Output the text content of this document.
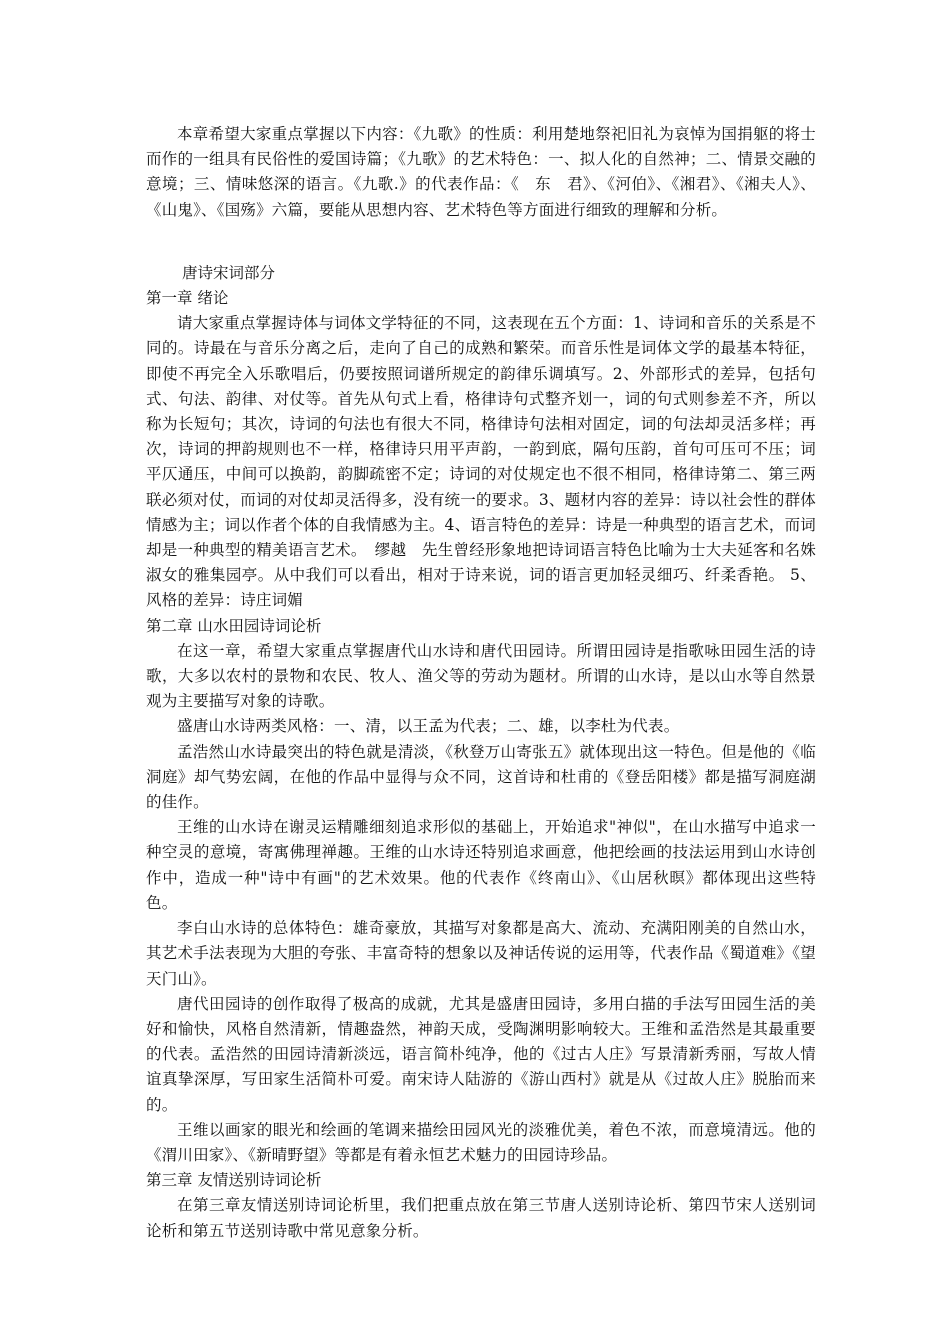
本章希望大家重点掌握以下内容：《九歌》的性质：利用楚地祭祀旧礼为哀悼为国捐躯的将士而作的一组具有民俗性的爱国诗篇；《九歌》的艺术特色：一、拟人化的自然神；二、情景交融的意境；三、情味悠深的语言。《九歌.》的代表作品：《　东　君》、《河伯》、《湘君》、《湘夫人》、《山鬼》、《国殇》六篇，要能从思想内容、艺术特色等方面进行细致的理解和分析。

唐诗宋词部分

第一章 绪论

请大家重点掌握诗体与词体文学特征的不同，这表现在五个方面：1、诗词和音乐的关系是不同的。诗最在与音乐分离之后，走向了自己的成熟和繁荣。而音乐性是词体文学的最基本特征，即使不再完全入乐歌唱后，仍要按照词谱所规定的韵律乐调填写。2、外部形式的差异，包括句式、句法、韵律、对仗等。首先从句式上看，格律诗句式整齐划一，词的句式则参差不齐，所以称为长短句；其次，诗词的句法也有很大不同，格律诗句法相对固定，词的句法却灵活多样；再次，诗词的押韵规则也不一样，格律诗只用平声韵，一韵到底，隔句压韵，首句可压可不压；词平仄通压，中间可以换韵，韵脚疏密不定；诗词的对仗规定也不很不相同，格律诗第二、第三两联必须对仗，而词的对仗却灵活得多，没有统一的要求。3、题材内容的差异：诗以社会性的群体情感为主；词以作者个体的自我情感为主。4、语言特色的差异：诗是一种典型的语言艺术，而词却是一种典型的精美语言艺术。　缪越　先生曾经形象地把诗词语言特色比喻为士大夫延客和名姝淑女的雅集园亭。从中我们可以看出，相对于诗来说，词的语言更加轻灵细巧、纤柔香艳。 5、风格的差异：诗庄词媚

第二章 山水田园诗词论析

在这一章，希望大家重点掌握唐代山水诗和唐代田园诗。所谓田园诗是指歌咏田园生活的诗歌，大多以农村的景物和农民、牧人、渔父等的劳动为题材。所谓的山水诗，是以山水等自然景观为主要描写对象的诗歌。

盛唐山水诗两类风格：一、清，以王孟为代表；二、雄，以李杜为代表。

孟浩然山水诗最突出的特色就是清淡，《秋登万山寄张五》就体现出这一特色。但是他的《临洞庭》却气势宏阔，在他的作品中显得与众不同，这首诗和杜甫的《登岳阳楼》都是描写洞庭湖的佳作。

王维的山水诗在谢灵运精雕细刻追求形似的基础上，开始追求"神似"，在山水描写中追求一种空灵的意境，寄寓佛理禅趣。王维的山水诗还特别追求画意，他把绘画的技法运用到山水诗创作中，造成一种"诗中有画"的艺术效果。他的代表作《终南山》、《山居秋暝》都体现出这些特色。

李白山水诗的总体特色：雄奇豪放，其描写对象都是高大、流动、充满阳刚美的自然山水，其艺术手法表现为大胆的夸张、丰富奇特的想象以及神话传说的运用等，代表作品《蜀道难》《望天门山》。

唐代田园诗的创作取得了极高的成就，尤其是盛唐田园诗，多用白描的手法写田园生活的美好和愉快，风格自然清新，情趣盎然，神韵天成，受陶渊明影响较大。王维和孟浩然是其最重要的代表。孟浩然的田园诗清新淡远，语言简朴纯净，他的《过古人庄》写景清新秀丽，写故人情谊真挚深厚，写田家生活简朴可爱。南宋诗人陆游的《游山西村》就是从《过故人庄》脱胎而来的。

王维以画家的眼光和绘画的笔调来描绘田园风光的淡雅优美，着色不浓，而意境清远。他的《渭川田家》、《新晴野望》等都是有着永恒艺术魅力的田园诗珍品。

第三章 友情送别诗词论析

在第三章友情送别诗词论析里，我们把重点放在第三节唐人送别诗论析、第四节宋人送别词论析和第五节送别诗歌中常见意象分析。
